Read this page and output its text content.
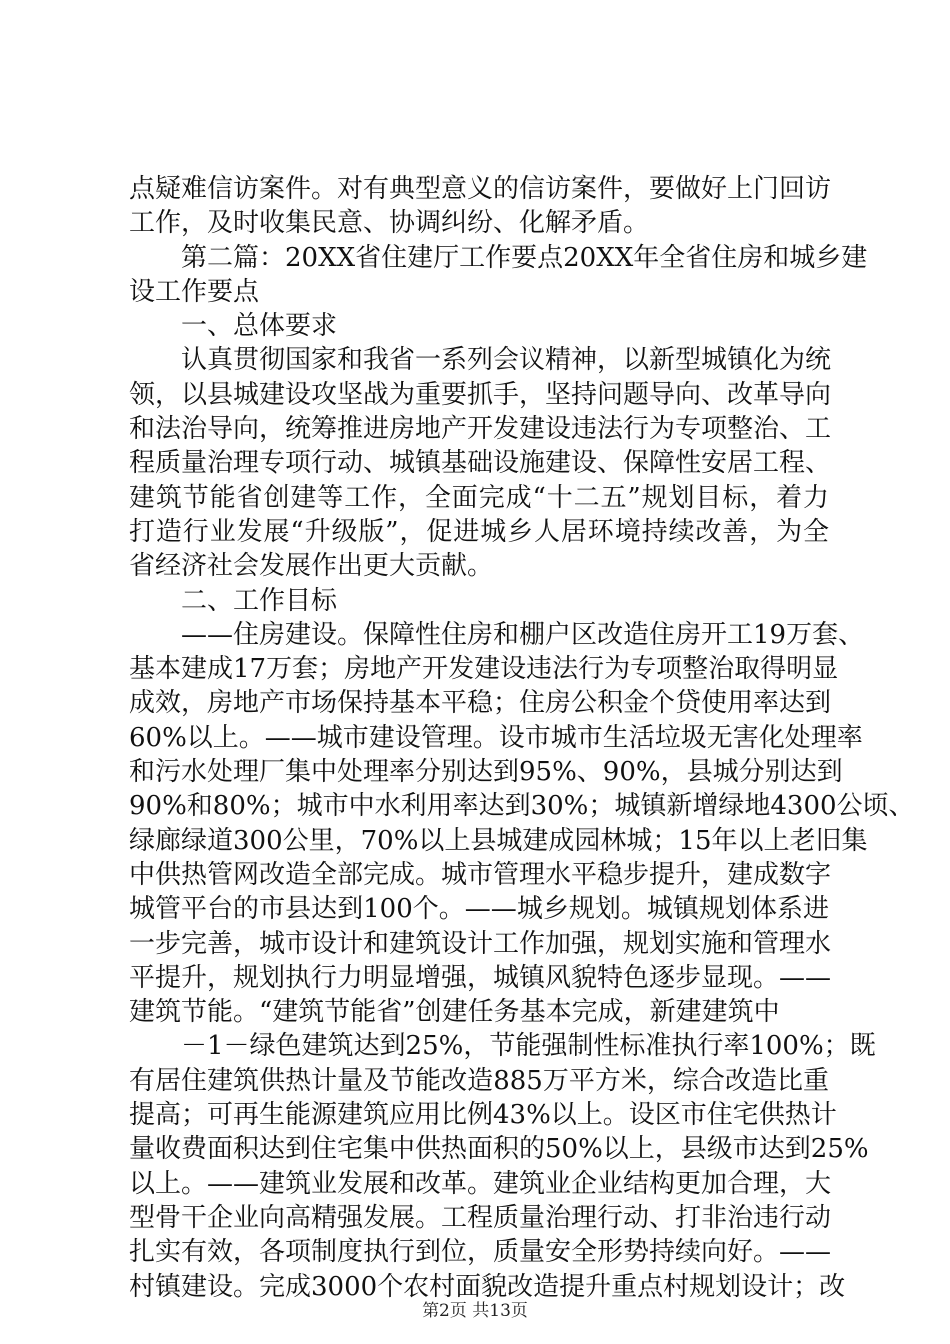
点疑难信访案件。对有典型意义的信访案件，要做好上门回访
工作，及时收集民意、协调纠纷、化解矛盾。
第二篇：20XX省住建厅工作要点20XX年全省住房和城乡建
设工作要点
一、总体要求
认真贯彻国家和我省一系列会议精神，以新型城镇化为统
领，以县城建设攻坚战为重要抓手，坚持问题导向、改革导向
和法治导向，统筹推进房地产开发建设违法行为专项整治、工
程质量治理专项行动、城镇基础设施建设、保障性安居工程、
建筑节能省创建等工作，全面完成“十二五”规划目标，着力
打造行业发展“升级版”，促进城乡人居环境持续改善，为全
省经济社会发展作出更大贡献。
二、工作目标
——住房建设。保障性住房和棚户区改造住房开工19万套、
基本建成17万套；房地产开发建设违法行为专项整治取得明显
成效，房地产市场保持基本平稳；住房公积金个贷使用率达到
60%以上。——城市建设管理。设市城市生活垃圾无害化处理率
和污水处理厂集中处理率分别达到95%、90%，县城分别达到
90%和80%；城市中水利用率达到30%；城镇新增绿地4300公顷、
绿廊绿道300公里，70%以上县城建成园林城；15年以上老旧集
中供热管网改造全部完成。城市管理水平稳步提升，建成数字
城管平台的市县达到100个。——城乡规划。城镇规划体系进
一步完善，城市设计和建筑设计工作加强，规划实施和管理水
平提升，规划执行力明显增强，城镇风貌特色逐步显现。——
建筑节能。“建筑节能省”创建任务基本完成，新建建筑中
－1－绿色建筑达到25%，节能强制性标准执行率100%；既
有居住建筑供热计量及节能改造885万平方米，综合改造比重
提高；可再生能源建筑应用比例43%以上。设区市住宅供热计
量收费面积达到住宅集中供热面积的50%以上，县级市达到25%
以上。——建筑业发展和改革。建筑业企业结构更加合理，大
型骨干企业向高精强发展。工程质量治理行动、打非治违行动
扎实有效，各项制度执行到位，质量安全形势持续向好。——
村镇建设。完成3000个农村面貌改造提升重点村规划设计；改
第2页 共13页
